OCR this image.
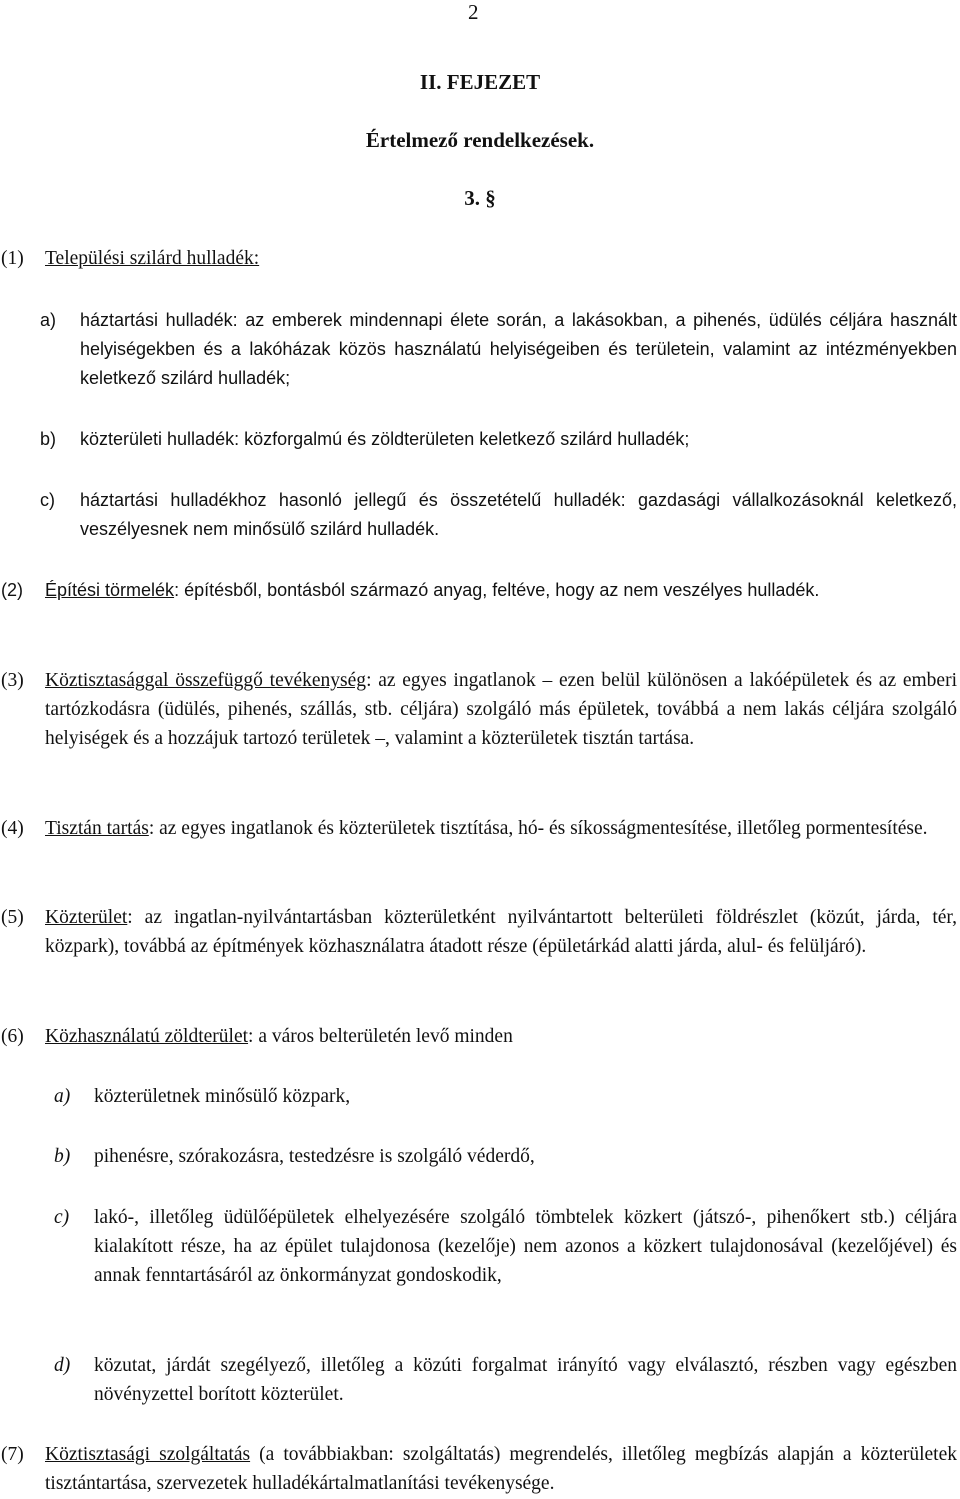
2
II. FEJEZET
Értelmező rendelkezések.
3. §
(1) Települési szilárd hulladék:
a) háztartási hulladék: az emberek mindennapi élete során, a lakásokban, a pihenés, üdülés céljára használt helyiségekben és a lakóházak közös használatú helyiségeiben és területein, valamint az intézményekben keletkező szilárd hulladék;
b) közterületi hulladék: közforgalmú és zöldterületen keletkező szilárd hulladék;
c) háztartási hulladékhoz hasonló jellegű és összetételű hulladék: gazdasági vállalkozásoknál keletkező, veszélyesnek nem minősülő szilárd hulladék.
(2) Építési törmelék: építésből, bontásból származó anyag, feltéve, hogy az nem veszélyes hulladék.
(3) Köztisztasággal összefüggő tevékenység: az egyes ingatlanok – ezen belül különösen a lakóépületek és az emberi tartózkodásra (üdülés, pihenés, szállás, stb. céljára) szolgáló más épületek, továbbá a nem lakás céljára szolgáló helyiségek és a hozzájuk tartozó területek –, valamint a közterületek tisztán tartása.
(4) Tisztán tartás: az egyes ingatlanok és közterületek tisztítása, hó- és síkosságmentesítése, illetőleg pormentesítése.
(5) Közterület: az ingatlan-nyilvántartásban közterületként nyilvántartott belterületi földrészlet (közút, járda, tér, közpark), továbbá az építmények közhasználatra átadott része (épületárkád alatti járda, alul- és felüljáró).
(6) Közhasználatú zöldterület: a város belterületén levő minden
a) közterületnek minősülő közpark,
b) pihenésre, szórakozásra, testedzésre is szolgáló véderdő,
c) lakó-, illetőleg üdülőépületek elhelyezésére szolgáló tömbtelek közkert (játszó-, pihenőkert stb.) céljára kialakított része, ha az épület tulajdonosa (kezelője) nem azonos a közkert tulajdonosával (kezelőjével) és annak fenntartásáról az önkormányzat gondoskodik,
d) közutat, járdát szegélyező, illetőleg a közúti forgalmat irányító vagy elválasztó, részben vagy egészben növényzettel borított közterület.
(7) Köztisztasági szolgáltatás (a továbbiakban: szolgáltatás) megrendelés, illetőleg megbízás alapján a közterületek tisztántartása, szervezetek hulladékártalmatlanítási tevékenysége.
